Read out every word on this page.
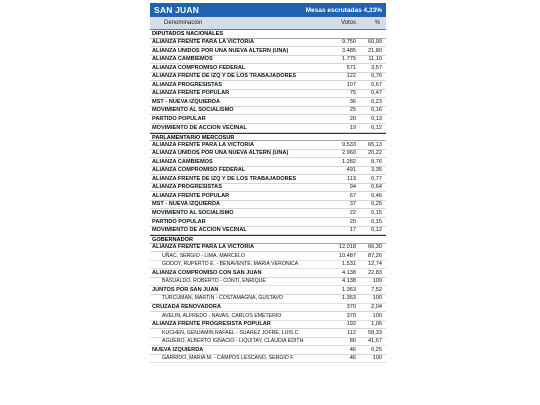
SAN JUAN	Mesas escrutadas 4,23%
Denominación	Votos	%
DIPUTADOS NACIONALES
ALIANZA FRENTE PARA LA VICTORIA	9.750	60,99
ALIANZA UNIDOS POR UNA NUEVA ALTERN (UNA)	3.485	21,80
ALIANZA CAMBIEMOS	1.775	11,10
ALIANZA COMPROMISO FEDERAL	571	3,57
ALIANZA FRENTE DE IZQ Y DE LOS TRABAJADORES	122	0,76
ALIANZA PROGRESISTAS	107	0,67
ALIANZA FRENTE POPULAR	75	0,47
MST - NUEVA IZQUIERDA	36	0,23
MOVIMIENTO AL SOCIALISMO	25	0,16
PARTIDO POPULAR	20	0,13
MOVIMIENTO DE ACCION VECINAL	19	0,12
PARLAMENTARIO MERCOSUR
ALIANZA FRENTE PARA LA VICTORIA	9.533	65,13
ALIANZA UNIDOS POR UNA NUEVA ALTERN (UNA)	2.960	20,22
ALIANZA CAMBIEMOS	1.282	8,76
ALIANZA COMPROMISO FEDERAL	491	3,35
ALIANZA FRENTE DE IZQ Y DE LOS TRABAJADORES	113	0,77
ALIANZA PROGRESISTAS	94	0,64
ALIANZA FRENTE POPULAR	67	0,46
MST - NUEVA IZQUIERDA	37	0,25
MOVIMIENTO AL SOCIALISMO	22	0,15
PARTIDO POPULAR	20	0,15
MOVIMIENTO DE ACCION VECINAL	17	0,12
GOBERNADOR
ALIANZA FRENTE PARA LA VICTORIA	12.018	66,30
UÑAC, SERGIO - LIMA, MARCELO	10.487	87,26
GODOY, RUPERTO E. - BENAVENTE, MARIA VERONICA	1.531	12,74
ALIANZA COMPROMISO CON SAN JUAN	4.138	22,83
BASUALDO, ROBERTO - CONTI, ENRIQUE	4.138	100
JUNTOS POR SAN JUAN	1.363	7,52
TURCUMAN, MARTIN - COSTAMAGNA, GUSTAVO	1.363	100
CRUZADA RENOVADORA	370	2,04
AVELIN, ALFREDO - NAVAS, CARLOS EMETERIO	370	100
ALIANZA FRENTE PROGRESISTA POPULAR	192	1,06
KUCHEN, GENJAMIN RAFAEL - SUAREZ JOFRE, LUIS C.	112	58,33
AGUERO, ALBERTO IGNACIO - LIQUITAY, CLAUDIA EDITH	80	41,67
NUEVA IZQUIERDA	46	0,25
GARRIDO, MARIA M. - CAMPOS LESCANO, SERGIO F.	46	100
